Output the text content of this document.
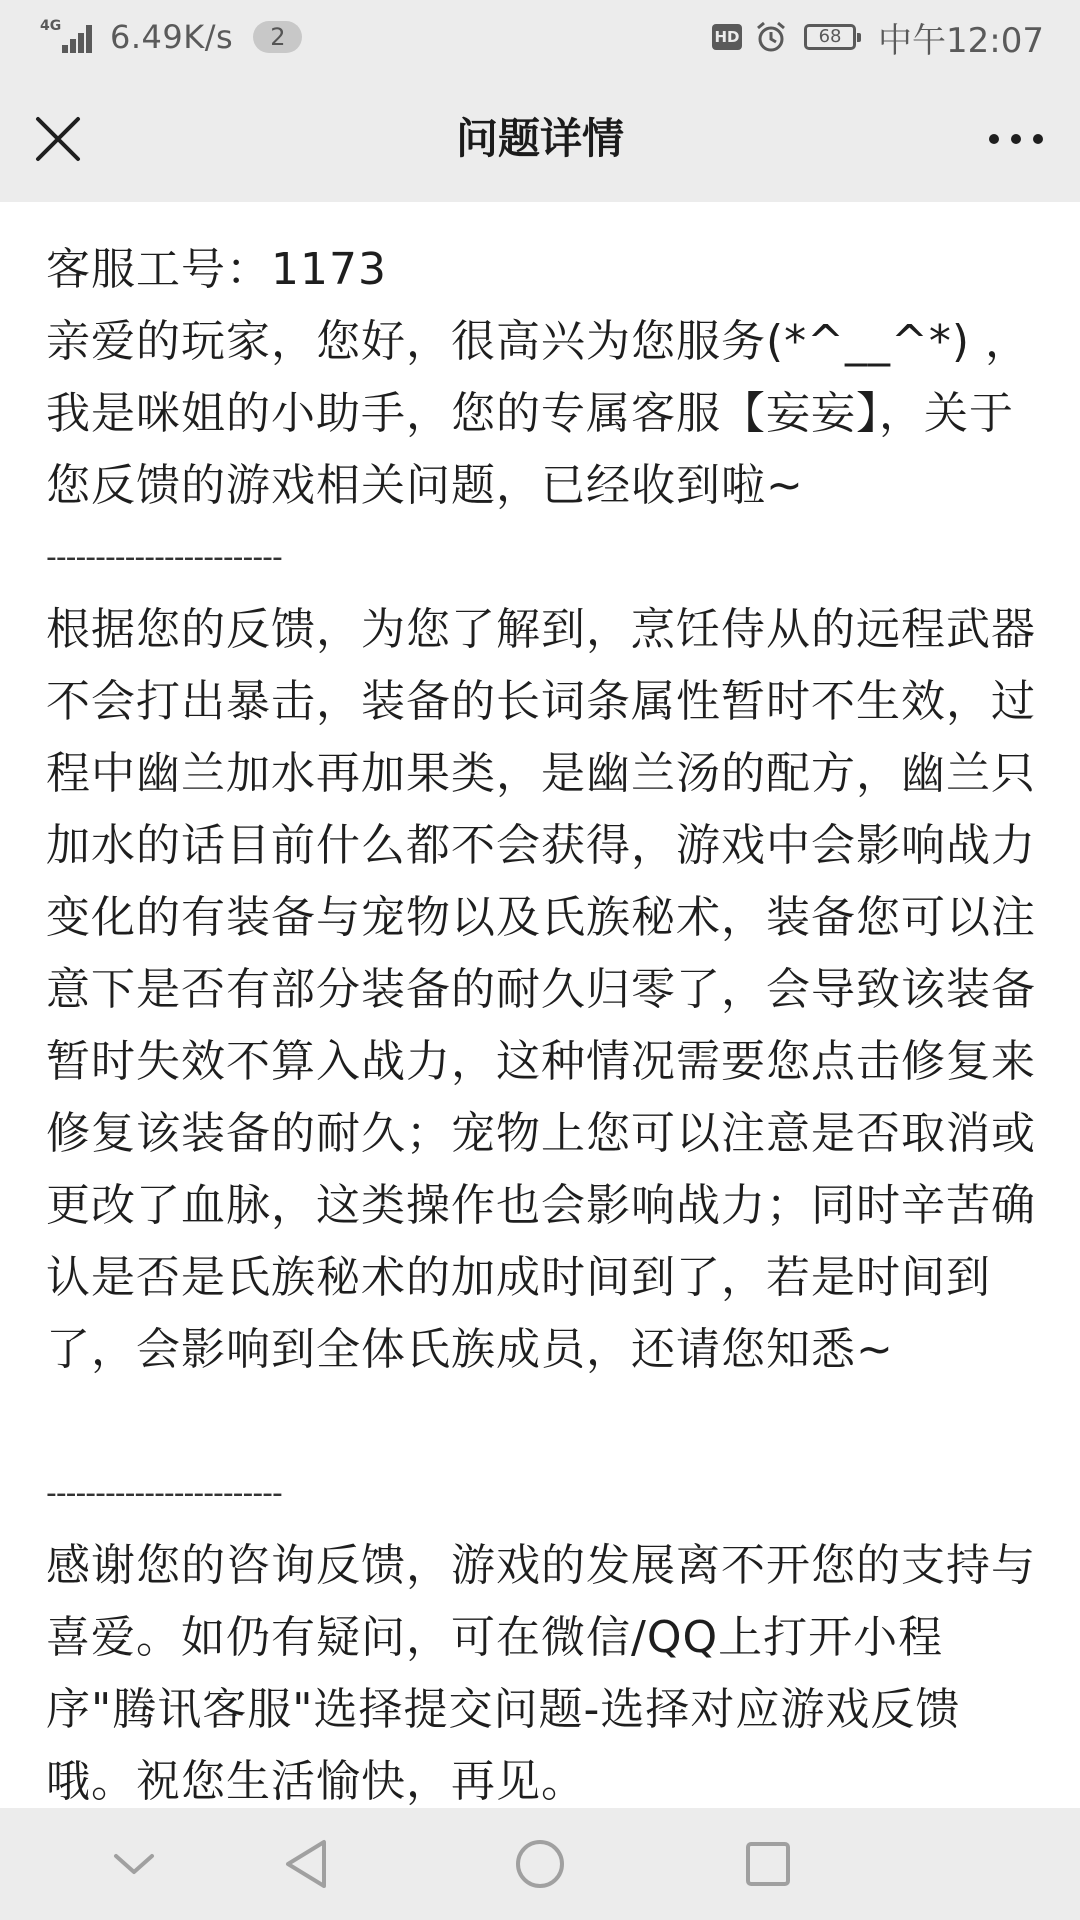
4G 6.49K/s	2	HD	68	中午12:07
问题详情

客服工号：1173

亲爱的玩家，您好，很高兴为您服务(*^__^*) ，我是咪姐的小助手，您的专属客服【妄妄】，关于您反馈的游戏相关问题，已经收到啦~

------------------------

根据您的反馈，为您了解到，烹饪侍从的远程武器不会打出暴击，装备的长词条属性暂时不生效，过程中幽兰加水再加果类，是幽兰汤的配方，幽兰只加水的话目前什么都不会获得，游戏中会影响战力变化的有装备与宠物以及氏族秘术，装备您可以注意下是否有部分装备的耐久归零了，会导致该装备暂时失效不算入战力，这种情况需要您点击修复来修复该装备的耐久；宠物上您可以注意是否取消或更改了血脉，这类操作也会影响战力；同时辛苦确认是否是氏族秘术的加成时间到了，若是时间到了，会影响到全体氏族成员，还请您知悉~

------------------------

感谢您的咨询反馈，游戏的发展离不开您的支持与喜爱。如仍有疑问，可在微信/QQ上打开小程序"腾讯客服"选择提交问题-选择对应游戏反馈哦。祝您生活愉快，再见。
